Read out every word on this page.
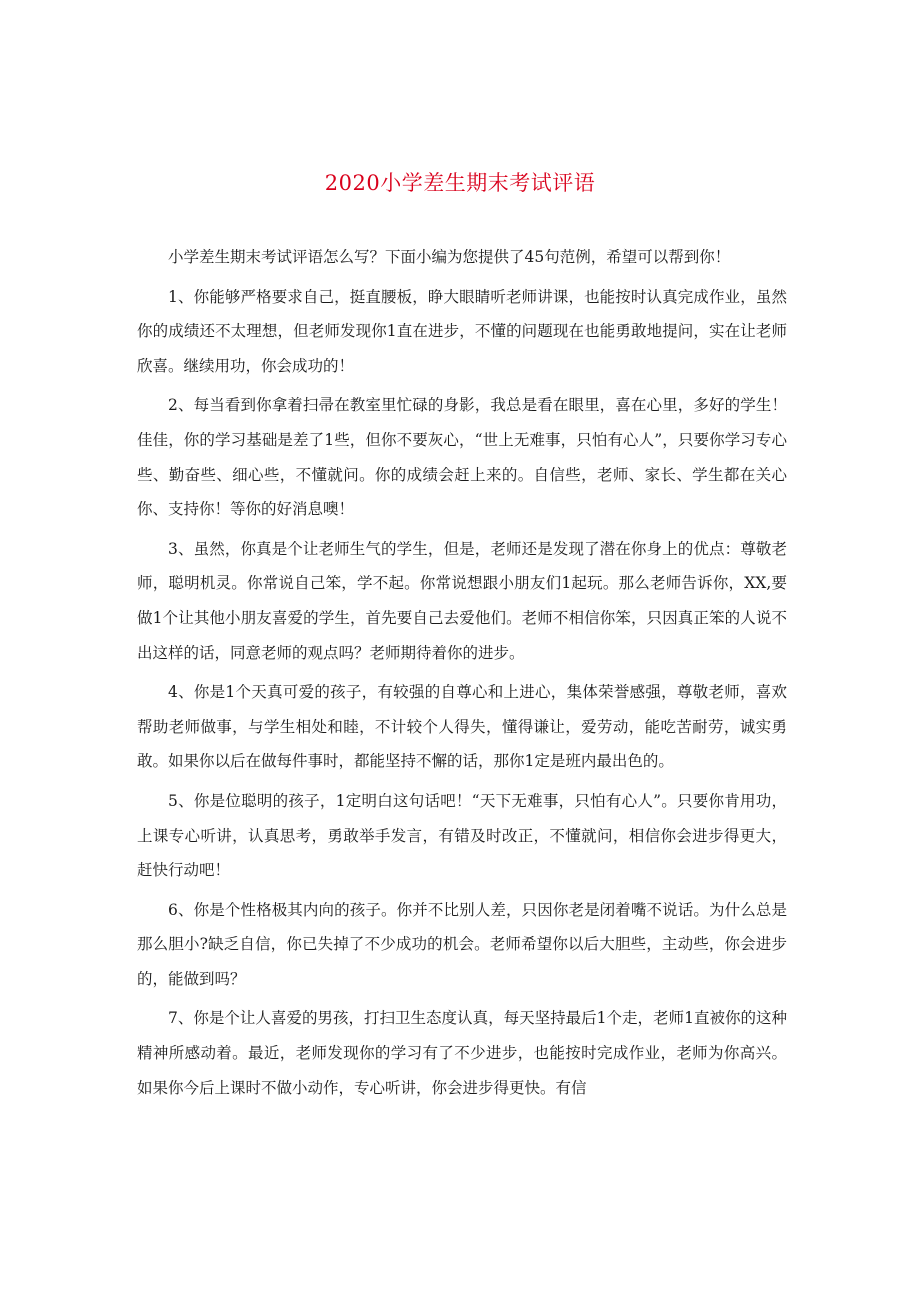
2020小学差生期末考试评语

小学差生期末考试评语怎么写？下面小编为您提供了45句范例，希望可以帮到你！

1、你能够严格要求自己，挺直腰板，睁大眼睛听老师讲课，也能按时认真完成作业，虽然你的成绩还不太理想，但老师发现你1直在进步，不懂的问题现在也能勇敢地提问，实在让老师欣喜。继续用功，你会成功的！

2、每当看到你拿着扫帚在教室里忙碌的身影，我总是看在眼里，喜在心里，多好的学生！佳佳，你的学习基础是差了1些，但你不要灰心，“世上无难事，只怕有心人”，只要你学习专心些、勤奋些、细心些，不懂就问。你的成绩会赶上来的。自信些，老师、家长、学生都在关心你、支持你！等你的好消息噢！

3、虽然，你真是个让老师生气的学生，但是，老师还是发现了潜在你身上的优点：尊敬老师，聪明机灵。你常说自己笨，学不起。你常说想跟小朋友们1起玩。那么老师告诉你，XX,要做1个让其他小朋友喜爱的学生，首先要自己去爱他们。老师不相信你笨，只因真正笨的人说不出这样的话，同意老师的观点吗？老师期待着你的进步。

4、你是1个天真可爱的孩子，有较强的自尊心和上进心，集体荣誉感强，尊敬老师，喜欢帮助老师做事，与学生相处和睦，不计较个人得失，懂得谦让，爱劳动，能吃苦耐劳，诚实勇敢。如果你以后在做每件事时，都能坚持不懈的话，那你1定是班内最出色的。

5、你是位聪明的孩子，1定明白这句话吧！“天下无难事，只怕有心人”。只要你肯用功，上课专心听讲，认真思考，勇敢举手发言，有错及时改正，不懂就问，相信你会进步得更大，赶快行动吧！

6、你是个性格极其内向的孩子。你并不比别人差，只因你老是闭着嘴不说话。为什么总是那么胆小?缺乏自信，你已失掉了不少成功的机会。老师希望你以后大胆些，主动些，你会进步的，能做到吗？

7、你是个让人喜爱的男孩，打扫卫生态度认真，每天坚持最后1个走，老师1直被你的这种精神所感动着。最近，老师发现你的学习有了不少进步，也能按时完成作业，老师为你高兴。如果你今后上课时不做小动作，专心听讲，你会进步得更快。有信
